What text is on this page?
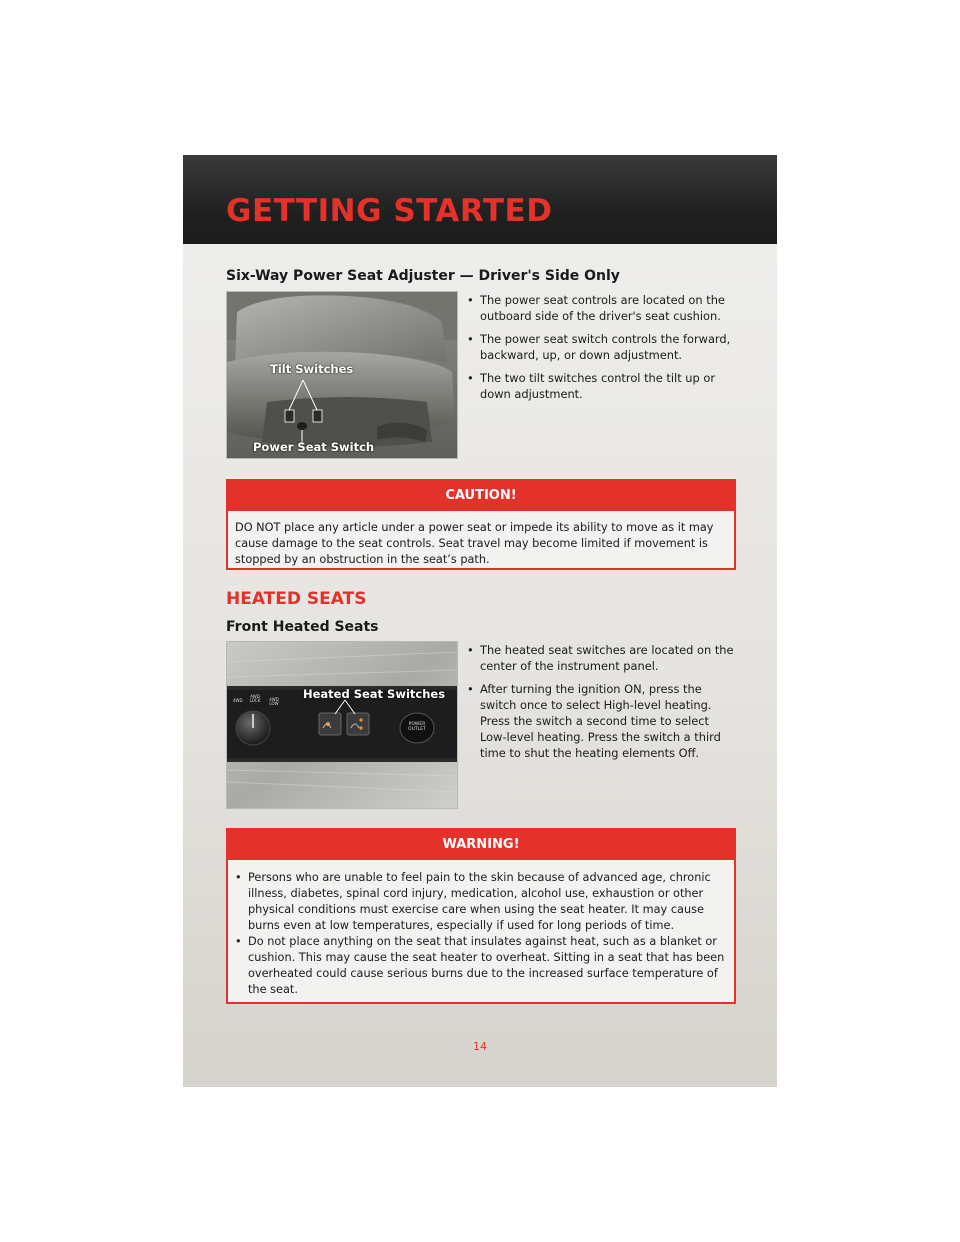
GETTING STARTED
Six-Way Power Seat Adjuster — Driver's Side Only
Tilt Switches
Power Seat Switch
• The power seat controls are located on the outboard side of the driver's seat cushion.
• The power seat switch controls the forward, backward, up, or down adjustment.
• The two tilt switches control the tilt up or down adjustment.
CAUTION!

DO NOT place any article under a power seat or impede its ability to move as it may cause damage to the seat controls. Seat travel may become limited if movement is stopped by an obstruction in the seat’s path.

HEATED SEATS
Front Heated Seats
Heated Seat Switches
4WD
AWD LOCK	4WD LOW
POWER OUTLET
• The heated seat switches are located on the center of the instrument panel.
• After turning the ignition ON, press the switch once to select High-level heating. Press the switch a second time to select Low-level heating. Press the switch a third time to shut the heating elements Off.
WARNING!
• Persons who are unable to feel pain to the skin because of advanced age, chronic illness, diabetes, spinal cord injury, medication, alcohol use, exhaustion or other physical conditions must exercise care when using the seat heater. It may cause burns even at low temperatures, especially if used for long periods of time.
• Do not place anything on the seat that insulates against heat, such as a blanket or cushion. This may cause the seat heater to overheat. Sitting in a seat that has been overheated could cause serious burns due to the increased surface temperature of the seat.
14
